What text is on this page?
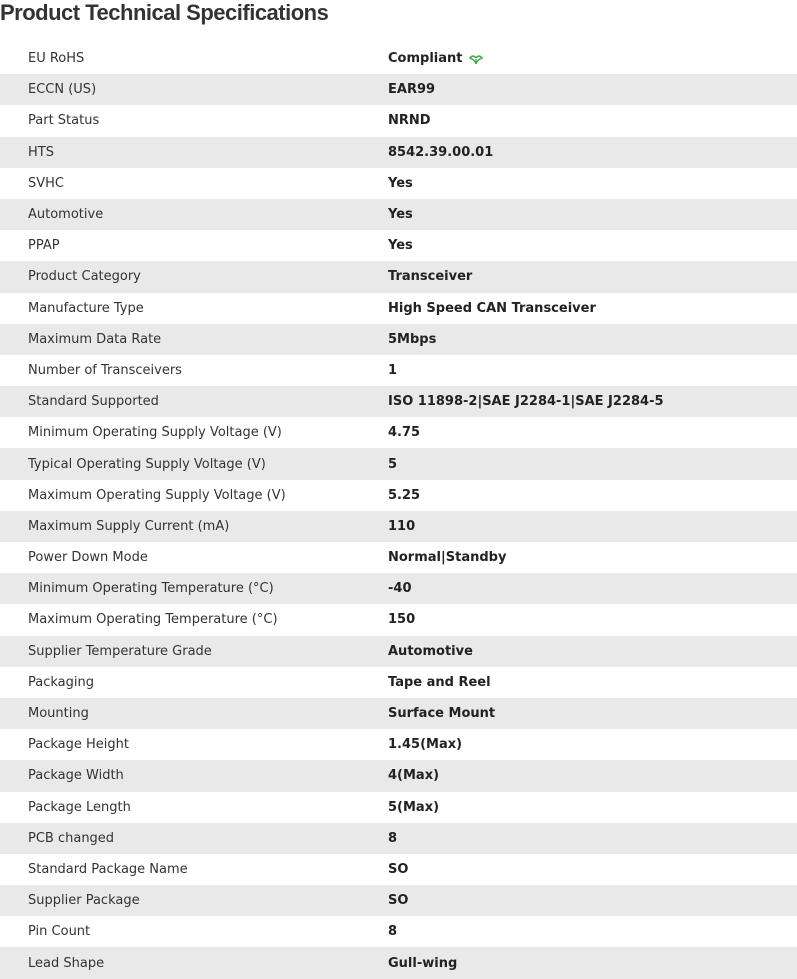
Product Technical Specifications
EU RoHS	Compliant
ECCN (US)	EAR99
Part Status	NRND
HTS	8542.39.00.01
SVHC	Yes
Automotive	Yes
PPAP	Yes
Product Category	Transceiver
Manufacture Type	High Speed CAN Transceiver
Maximum Data Rate	5Mbps
Number of Transceivers	1
Standard Supported	ISO 11898-2|SAE J2284-1|SAE J2284-5
Minimum Operating Supply Voltage (V)	4.75
Typical Operating Supply Voltage (V)	5
Maximum Operating Supply Voltage (V)	5.25
Maximum Supply Current (mA)	110
Power Down Mode	Normal|Standby
Minimum Operating Temperature (°C)	-40
Maximum Operating Temperature (°C)	150
Supplier Temperature Grade	Automotive
Packaging	Tape and Reel
Mounting	Surface Mount
Package Height	1.45(Max)
Package Width	4(Max)
Package Length	5(Max)
PCB changed	8
Standard Package Name	SO
Supplier Package	SO
Pin Count	8
Lead Shape	Gull-wing
